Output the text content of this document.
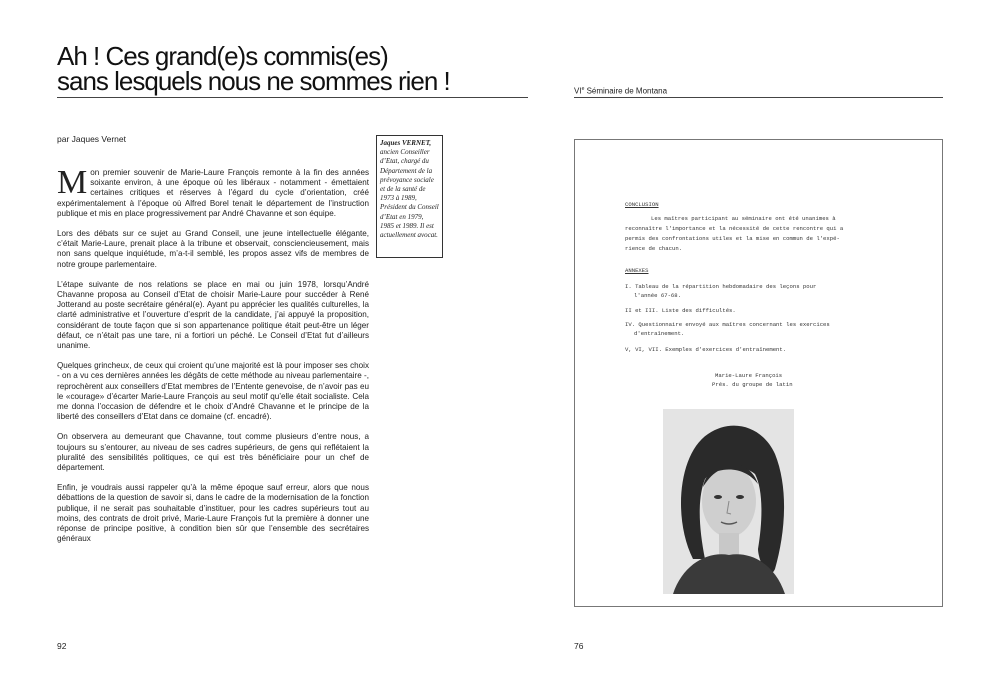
Ah ! Ces grand(e)s commis(es)
sans lesquels nous ne sommes rien !
par Jaques Vernet

Mon premier souvenir de Marie-Laure François remonte à la fin des années soixante environ, à une époque où les libéraux - notamment - émettaient certaines critiques et réserves à l’égard du cycle d’orientation, créé expérimentalement à l’époque où Alfred Borel tenait le département de l’instruction publique et mis en place progressivement par André Chavanne et son équipe.

Lors des débats sur ce sujet au Grand Conseil, une jeune intellectuelle élégante, c’était Marie-Laure, prenait place à la tribune et observait, consciencieusement, mais non sans quelque inquiétude, m’a-t-il semblé, les propos assez vifs de membres de notre groupe parlementaire.

L’étape suivante de nos relations se place en mai ou juin 1978, lorsqu’André Chavanne proposa au Conseil d’Etat de choisir Marie-Laure pour succéder à René Jotterand au poste secrétaire général(e). Ayant pu apprécier les qualités culturelles, la clarté administrative et l’ouverture d’esprit de la candidate, j’ai appuyé la proposition, considérant de toute façon que si son appartenance politique était peut-être un léger défaut, ce n’était pas une tare, ni a fortiori un péché. Le Conseil d’Etat fut d’ailleurs unanime.

Quelques grincheux, de ceux qui croient qu’une majorité est là pour imposer ses choix - on a vu ces dernières années les dégâts de cette méthode au niveau parlementaire -, reprochèrent aux conseillers d’Etat membres de l’Entente genevoise, de n’avoir pas eu le «courage» d’écarter Marie-Laure François au seul motif qu’elle était socialiste. Cela me donna l’occasion de défendre et le choix d’André Chavanne et le principe de la liberté des conseillers d’Etat dans ce domaine (cf. encadré).

On observera au demeurant que Chavanne, tout comme plusieurs d’entre nous, a toujours su s’entourer, au niveau de ses cadres supérieurs, de gens qui reflétaient la pluralité des sensibilités politiques, ce qui est très bénéficiaire pour un chef de département.

Enfin, je voudrais aussi rappeler qu’à la même époque sauf erreur, alors que nous débattions de la question de savoir si, dans le cadre de la modernisation de la fonction publique, il ne serait pas souhaitable d’instituer, pour les cadres supérieurs tout au moins, des contrats de droit privé, Marie-Laure François fut la première à donner une réponse de principe positive, à condition bien sûr que l’ensemble des secrétaires généraux

Jaques VERNET, ancien Conseiller d’Etat, chargé du Département de la prévoyance sociale et de la santé de 1973 à 1989, Président du Conseil d’Etat en 1979, 1985 et 1989. Il est actuellement avocat.
92
VIe Séminaire de Montana
CONCLUSION
Les maîtres participant au séminaire ont été unanimes à
reconnaître l'importance et la nécessité de cette rencontre qui a
permis des confrontations utiles et la mise en commun de l'expé-
rience de chacun.
ANNEXES
I. Tableau de la répartition hebdomadaire des leçons pour
l'année 67-68.
II et III. Liste des difficultés.
IV. Questionnaire envoyé aux maîtres concernant les exercices
d'entraînement.
V, VI, VII. Exemples d'exercices d'entraînement.
Marie-Laure François
Prés. du groupe de latin
76
